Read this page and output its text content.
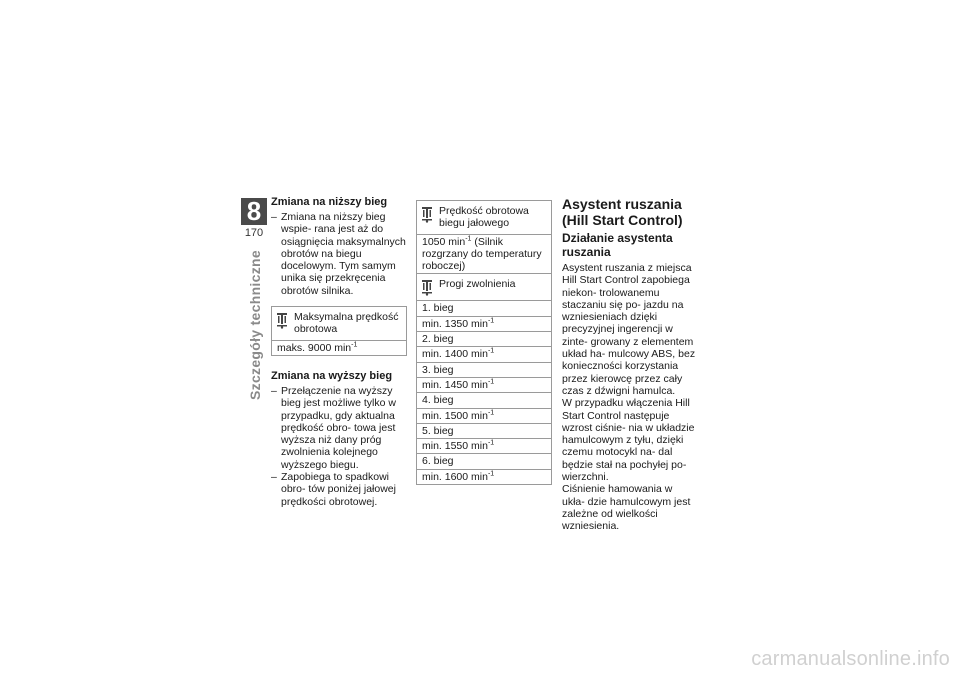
8
170
Szczegóły techniczne
Zmiana na niższy bieg
– Zmiana na niższy bieg wspie- rana jest aż do osiągnięcia maksymalnych obrotów na biegu docelowym. Tym samym unika się przekręcenia obrotów silnika.
Maksymalna prędkość obrotowa

maks. 9000 $\min^{-1}$
Zmiana na wyższy bieg
– Przełączenie na wyższy bieg jest możliwe tylko w przypadku, gdy aktualna prędkość obro- towa jest wyższa niż dany próg zwolnienia kolejnego wyższego biegu.
– Zapobiega to spadkowi obro- tów poniżej jałowej prędkości obrotowej.
Prędkość obrotowa biegu jałowego

1050 $\min^{-1}$ (Silnik rozgrzany do temperatury roboczej)
Progi zwolnienia

1. bieg
min. 1350 $\min^{-1}$
2. bieg
min. 1400 $\min^{-1}$
3. bieg
min. 1450 $\min^{-1}$
4. bieg
min. 1500 $\min^{-1}$
5. bieg
min. 1550 $\min^{-1}$
6. bieg
min. 1600 $\min^{-1}$
Asystent ruszania (Hill Start Control)
Działanie asystenta ruszania

Asystent ruszania z miejsca Hill Start Control zapobiega niekon- trolowanemu staczaniu się po- jazdu na wzniesieniach dzięki precyzyjnej ingerencji w zinte- growany z elementem układ ha- mulcowy ABS, bez konieczności korzystania przez kierowcę przez cały czas z dźwigni hamulca.

W przypadku włączenia Hill Start Control następuje wzrost ciśnie- nia w układzie hamulcowym z tyłu, dzięki czemu motocykl na- dal będzie stał na pochyłej po- wierzchni.

Ciśnienie hamowania w ukła- dzie hamulcowym jest zależne od wielkości wzniesienia.

carmanualsonline.info
